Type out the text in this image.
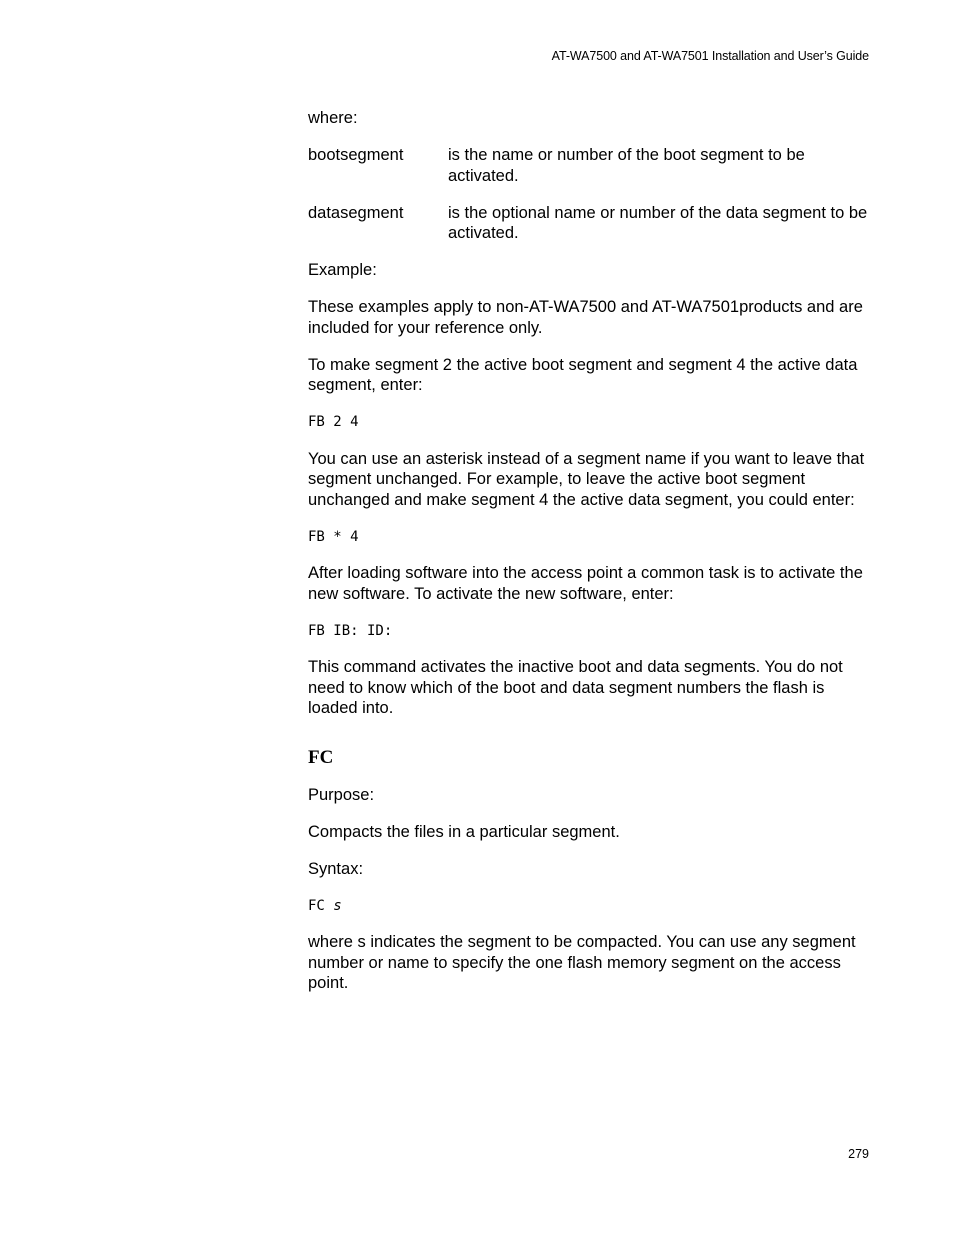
AT-WA7500 and AT-WA7501 Installation and User’s Guide

where:

bootsegment	is the name or number of the boot segment to be activated.
datasegment	is the optional name or number of the data segment to be activated.

Example:

These examples apply to non-AT-WA7500 and AT-WA7501products and are included for your reference only.

To make segment 2 the active boot segment and segment 4 the active data segment, enter:

FB 2 4

You can use an asterisk instead of a segment name if you want to leave that segment unchanged. For example, to leave the active boot segment unchanged and make segment 4 the active data segment, you could enter:

FB * 4

After loading software into the access point a common task is to activate the new software. To activate the new software, enter:

FB IB: ID:

This command activates the inactive boot and data segments. You do not need to know which of the boot and data segment numbers the flash is loaded into.

FC

Purpose:

Compacts the files in a particular segment.

Syntax:

FC s

where s indicates the segment to be compacted. You can use any segment number or name to specify the one flash memory segment on the access point.

279
